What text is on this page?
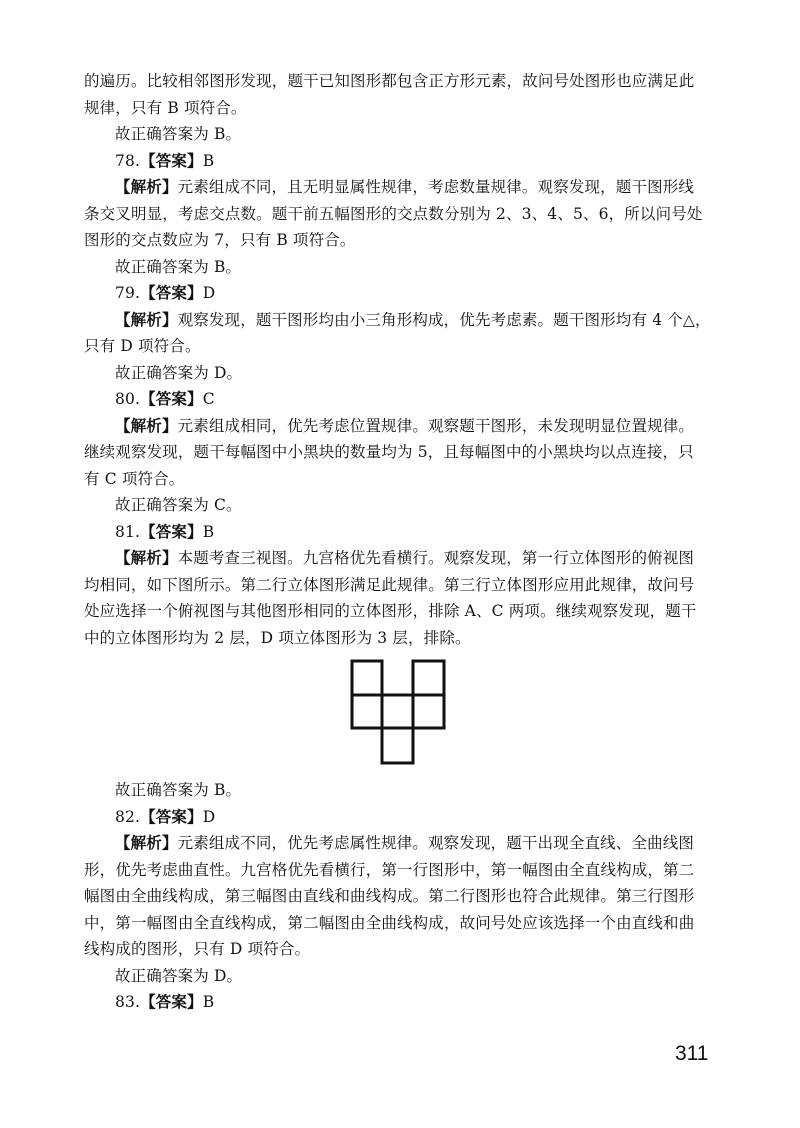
的遍历。比较相邻图形发现，题干已知图形都包含正方形元素，故问号处图形也应满足此
规律，只有 B 项符合。
故正确答案为 B。
78.【答案】B
【解析】元素组成不同，且无明显属性规律，考虑数量规律。观察发现，题干图形线
条交叉明显，考虑交点数。题干前五幅图形的交点数分别为 2、3、4、5、6，所以问号处
图形的交点数应为 7，只有 B 项符合。
故正确答案为 B。
79.【答案】D
【解析】观察发现，题干图形均由小三角形构成，优先考虑素。题干图形均有 4 个△，
只有 D 项符合。
故正确答案为 D。
80.【答案】C
【解析】元素组成相同，优先考虑位置规律。观察题干图形，未发现明显位置规律。
继续观察发现，题干每幅图中小黑块的数量均为 5，且每幅图中的小黑块均以点连接，只
有 C 项符合。
故正确答案为 C。
81.【答案】B
【解析】本题考查三视图。九宫格优先看横行。观察发现，第一行立体图形的俯视图
均相同，如下图所示。第二行立体图形满足此规律。第三行立体图形应用此规律，故问号
处应选择一个俯视图与其他图形相同的立体图形，排除 A、C 两项。继续观察发现，题干
中的立体图形均为 2 层，D 项立体图形为 3 层，排除。
故正确答案为 B。
82.【答案】D
【解析】元素组成不同，优先考虑属性规律。观察发现，题干出现全直线、全曲线图
形，优先考虑曲直性。九宫格优先看横行，第一行图形中，第一幅图由全直线构成，第二
幅图由全曲线构成，第三幅图由直线和曲线构成。第二行图形也符合此规律。第三行图形
中，第一幅图由全直线构成，第二幅图由全曲线构成，故问号处应该选择一个由直线和曲
线构成的图形，只有 D 项符合。
故正确答案为 D。
83.【答案】B
311
